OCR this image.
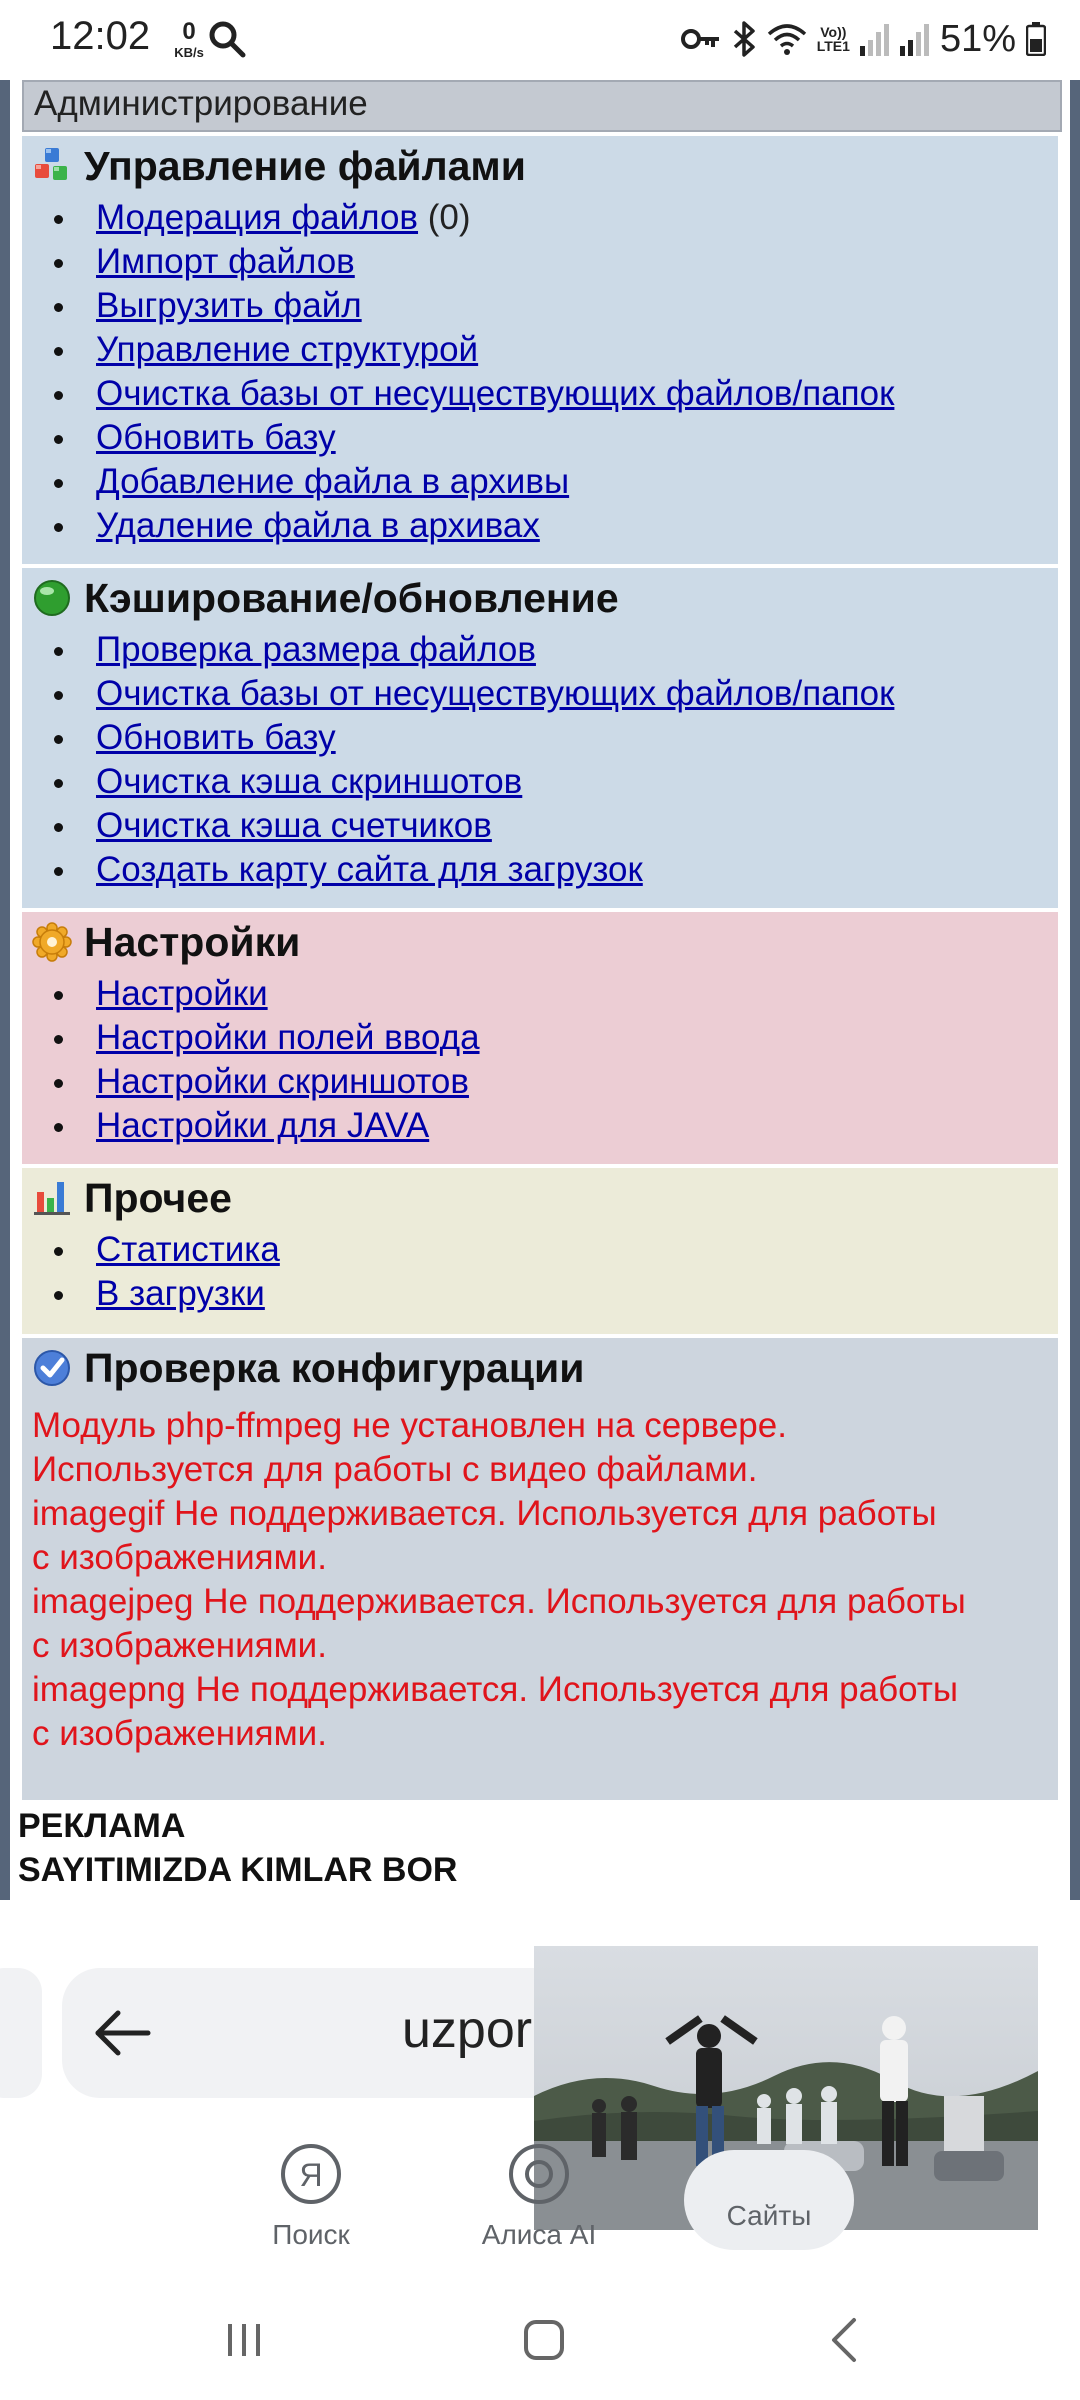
12:02	0
KB/s
Vo))
LTE1 51%
Администрирование
Управление файлами
Модерация файлов (0)
Импорт файлов
Выгрузить файл
Управление структурой
Очистка базы от несуществующих файлов/папок
Обновить базу
Добавление файла в архивы
Удаление файла в архивах
Кэширование/обновление
Проверка размера файлов
Очистка базы от несуществующих файлов/папок
Обновить базу
Очистка кэша скриншотов
Очистка кэша счетчиков
Создать карту сайта для загрузок
Настройки
Настройки
Настройки полей ввода
Настройки скриншотов
Настройки для JAVA
Прочее
Статистика
В загрузки
Проверка конфигурации

Модуль php-ffmpeg не установлен на сервере.

Используется для работы с видео файлами.

imagegif Не поддерживается. Используется для работы

с изображениями.

imagejpeg Не поддерживается. Используется для работы

с изображениями.

imagepng Не поддерживается. Используется для работы

с изображениями.

РЕКЛАМА
SAYITIMIZDA KIMLAR BOR
uzpor
Я
Поиск	Алиса AI
Сайты
